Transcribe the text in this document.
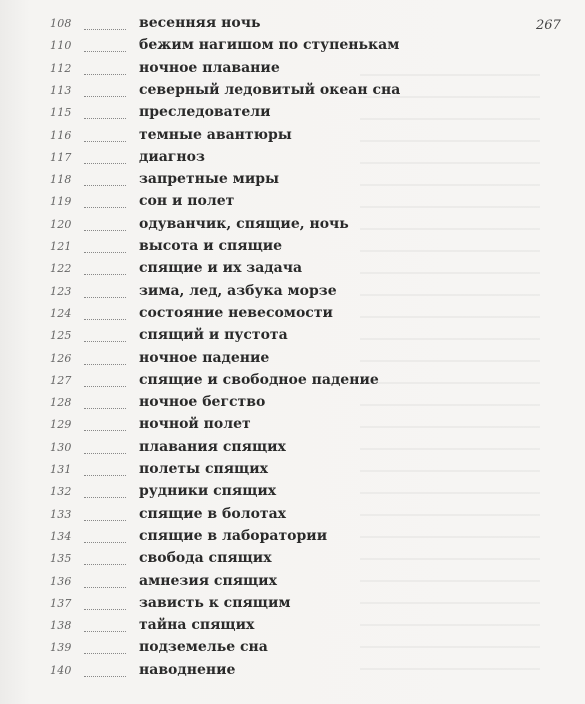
267
108	весенняя ночь
110	бежим нагишом по ступенькам
112	ночное плавание
113	северный ледовитый океан сна
115	преследователи
116	темные авантюры
117	диагноз
118	запретные миры
119	сон и полет
120	одуванчик, спящие, ночь
121	высота и спящие
122	спящие и их задача
123	зима, лед, азбука морзе
124	состояние невесомости
125	спящий и пустота
126	ночное падение
127	спящие и свободное падение
128	ночное бегство
129	ночной полет
130	плавания спящих
131	полеты спящих
132	рудники спящих
133	спящие в болотах
134	спящие в лаборатории
135	свобода спящих
136	амнезия спящих
137	зависть к спящим
138	тайна спящих
139	подземелье сна
140	наводнение
